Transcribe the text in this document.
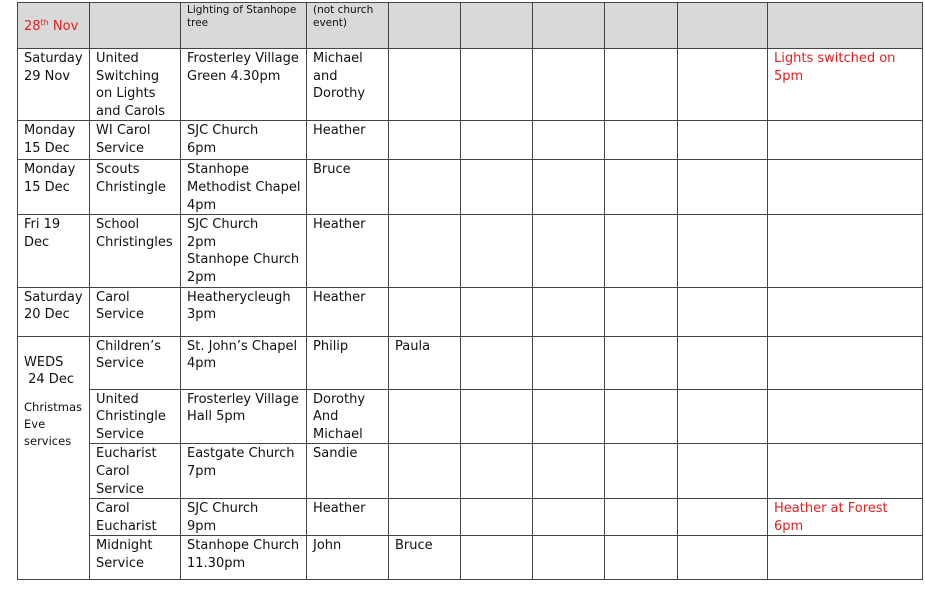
28th Nov		Lighting of Stanhope
tree	(not church
event)						

Saturday
29 Nov	United
Switching
on Lights
and Carols	Frosterley Village
Green 4.30pm	Michael
and
Dorothy						Lights switched on
5pm

Monday
15 Dec	WI Carol
Service	SJC Church
6pm	Heather						

Monday
15 Dec	Scouts
Christingle	Stanhope
Methodist Chapel
4pm	Bruce						

Fri 19
Dec	School
Christingles	SJC Church
2pm
Stanhope Church
2pm	Heather						

Saturday
20 Dec	Carol
Service	Heatherycleugh
3pm	Heather						

WEDS
24 Dec
Christmas
Eve
services	Children’s
Service	St. John’s Chapel
4pm	Philip	Paula					

	United
Christingle
Service	Frosterley Village
Hall 5pm	Dorothy
And
Michael						

	Eucharist
Carol
Service	Eastgate Church
7pm	Sandie						

	Carol
Eucharist	SJC Church
9pm	Heather						Heather at Forest
6pm

	Midnight
Service	Stanhope Church
11.30pm	John	Bruce					
